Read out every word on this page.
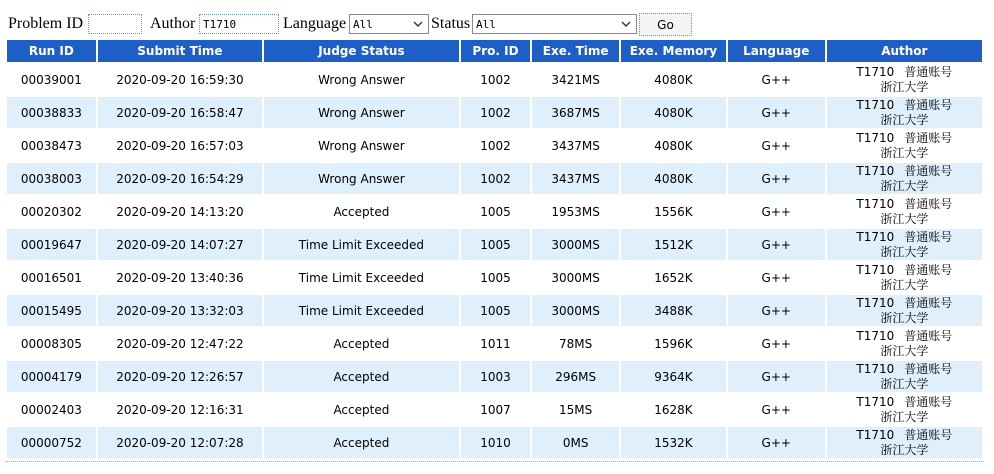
Problem ID	Author T1710	Language All	Status All	Go
Run ID	Submit Time	Judge Status	Pro. ID	Exe. Time	Exe. Memory	Language	Author
00039001	2020-09-20 16:59:30	Wrong Answer	1002	3421MS	4080K	G++	T1710 普通账号
浙江大学

00038833	2020-09-20 16:58:47	Wrong Answer	1002	3687MS	4080K	G++	T1710 普通账号
浙江大学

00038473	2020-09-20 16:57:03	Wrong Answer	1002	3437MS	4080K	G++	T1710 普通账号
浙江大学

00038003	2020-09-20 16:54:29	Wrong Answer	1002	3437MS	4080K	G++	T1710 普通账号
浙江大学

00020302	2020-09-20 14:13:20	Accepted	1005	1953MS	1556K	G++	T1710 普通账号
浙江大学

00019647	2020-09-20 14:07:27	Time Limit Exceeded	1005	3000MS	1512K	G++	T1710 普通账号
浙江大学

00016501	2020-09-20 13:40:36	Time Limit Exceeded	1005	3000MS	1652K	G++	T1710 普通账号
浙江大学

00015495	2020-09-20 13:32:03	Time Limit Exceeded	1005	3000MS	3488K	G++	T1710 普通账号
浙江大学

00008305	2020-09-20 12:47:22	Accepted	1011	78MS	1596K	G++	T1710 普通账号
浙江大学

00004179	2020-09-20 12:26:57	Accepted	1003	296MS	9364K	G++	T1710 普通账号
浙江大学

00002403	2020-09-20 12:16:31	Accepted	1007	15MS	1628K	G++	T1710 普通账号
浙江大学

00000752	2020-09-20 12:07:28	Accepted	1010	0MS	1532K	G++	T1710 普通账号
浙江大学
